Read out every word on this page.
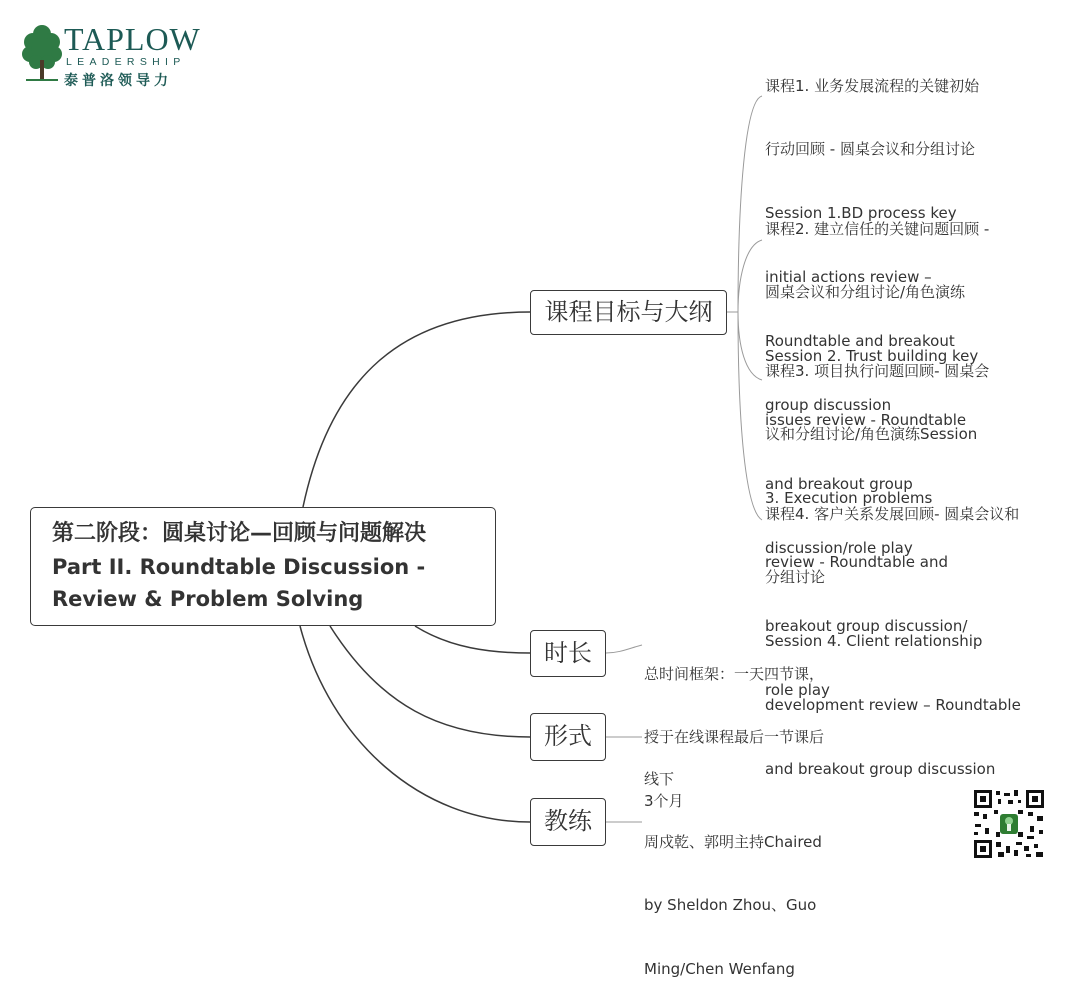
TAPLOW
LEADERSHIP
泰普洛领导力
第二阶段：圆桌讨论—回顾与问题解决
Part II. Roundtable Discussion -
Review & Problem Solving
课程目标与大纲
时长
形式
教练

课程1. 业务发展流程的关键初始

行动回顾 - 圆桌会议和分组讨论

Session 1.BD process key

initial actions review –

Roundtable and breakout

group discussion

课程2. 建立信任的关键问题回顾 -

圆桌会议和分组讨论/角色演练

Session 2. Trust building key

issues review - Roundtable

and breakout group

discussion/role play

课程3. 项目执行问题回顾- 圆桌会

议和分组讨论/角色演练Session

3. Execution problems

review - Roundtable and

breakout group discussion/

role play

课程4. 客户关系发展回顾- 圆桌会议和

分组讨论

Session 4. Client relationship

development review – Roundtable

and breakout group discussion

总时间框架：一天四节课，

授于在线课程最后一节课后

3个月

线下

周戍乾、郭明主持Chaired

by Sheldon Zhou、Guo

Ming/Chen Wenfang
